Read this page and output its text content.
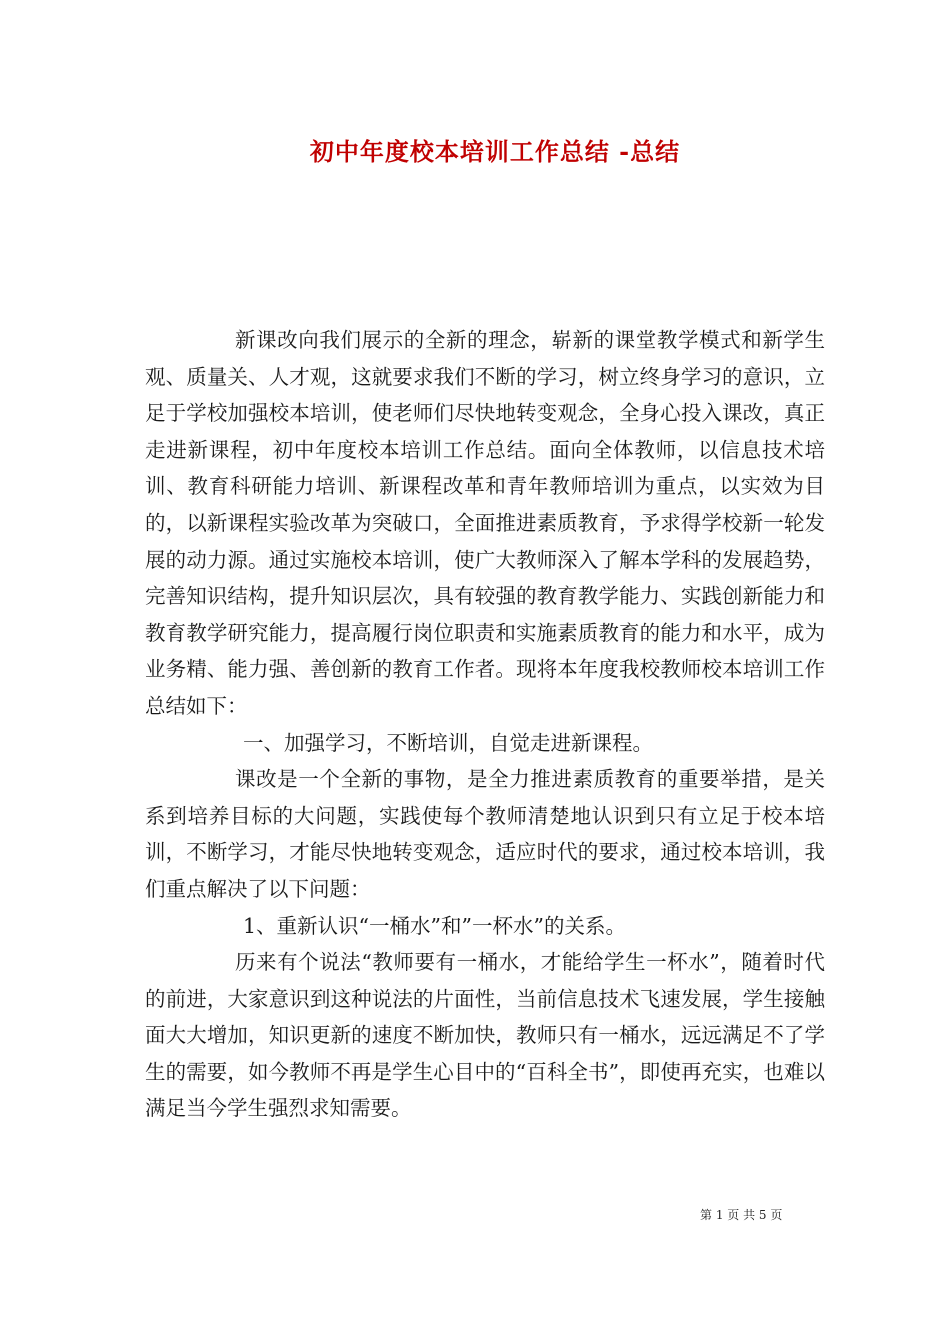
初中年度校本培训工作总结 -总结

新课改向我们展示的全新的理念，崭新的课堂教学模式和新学生观、质量关、人才观，这就要求我们不断的学习，树立终身学习的意识，立足于学校加强校本培训，使老师们尽快地转变观念，全身心投入课改，真正走进新课程，初中年度校本培训工作总结。面向全体教师，以信息技术培训、教育科研能力培训、新课程改革和青年教师培训为重点，以实效为目的，以新课程实验改革为突破口，全面推进素质教育，予求得学校新一轮发展的动力源。通过实施校本培训，使广大教师深入了解本学科的发展趋势，完善知识结构，提升知识层次，具有较强的教育教学能力、实践创新能力和教育教学研究能力，提高履行岗位职责和实施素质教育的能力和水平，成为业务精、能力强、善创新的教育工作者。现将本年度我校教师校本培训工作总结如下：

一、加强学习，不断培训，自觉走进新课程。

课改是一个全新的事物，是全力推进素质教育的重要举措，是关系到培养目标的大问题，实践使每个教师清楚地认识到只有立足于校本培训，不断学习，才能尽快地转变观念，适应时代的要求，通过校本培训，我们重点解决了以下问题：

1、重新认识“一桶水”和”一杯水”的关系。

历来有个说法“教师要有一桶水，才能给学生一杯水”，随着时代的前进，大家意识到这种说法的片面性，当前信息技术飞速发展，学生接触面大大增加，知识更新的速度不断加快，教师只有一桶水，远远满足不了学生的需要，如今教师不再是学生心目中的“百科全书”，即使再充实，也难以满足当今学生强烈求知需要。

第 1 页 共 5 页
